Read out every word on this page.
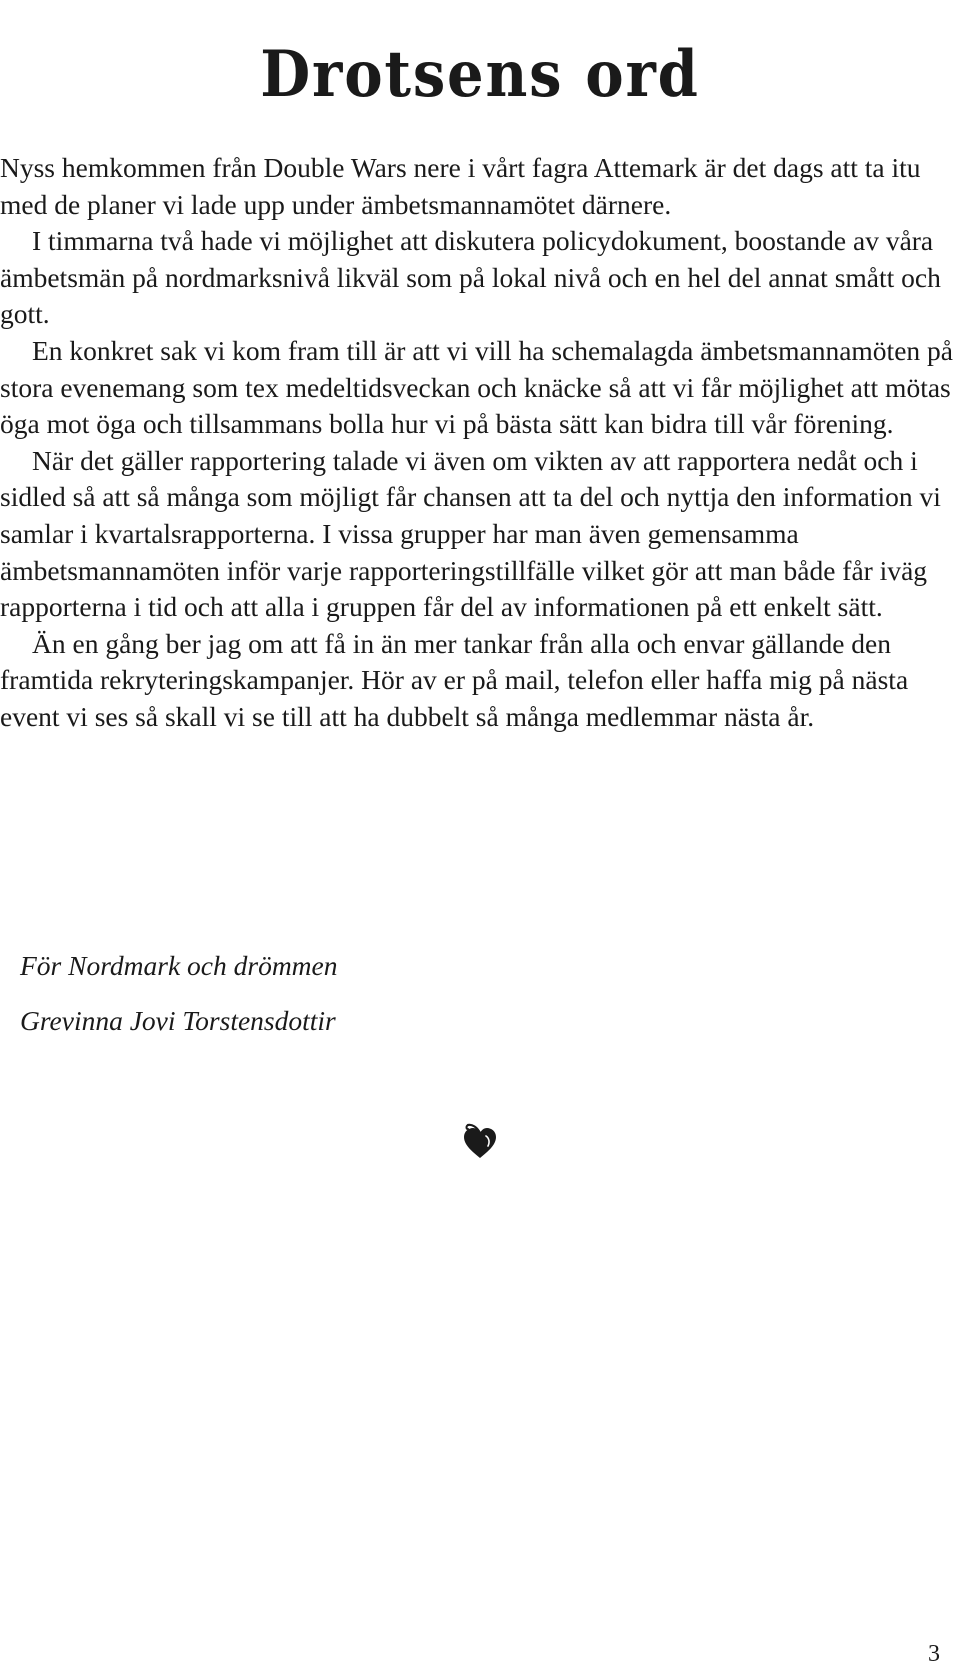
Drotsens ord

Nyss hemkommen från Double Wars nere i vårt fagra Attemark är det dags att ta itu med de planer vi lade upp under ämbetsmannamötet därnere.

I timmarna två hade vi möjlighet att diskutera policydokument, boostande av våra ämbetsmän på nordmarksnivå likväl som på lokal nivå och en hel del annat smått och gott.

En konkret sak vi kom fram till är att vi vill ha schemalagda ämbetsmannamöten på stora evenemang som tex medeltidsveckan och knäcke så att vi får möjlighet att mötas öga mot öga och tillsammans bolla hur vi på bästa sätt kan bidra till vår förening.

När det gäller rapportering talade vi även om vikten av att rapportera nedåt och i sidled så att så många som möjligt får chansen att ta del och nyttja den information vi samlar i kvartalsrapporterna. I vissa grupper har man även gemensamma ämbetsmannamöten inför varje rapporteringstillfälle vilket gör att man både får iväg rapporterna i tid och att alla i gruppen får del av informationen på ett enkelt sätt.

Än en gång ber jag om att få in än mer tankar från alla och envar gällande den framtida rekryteringskampanjer. Hör av er på mail, telefon eller haffa mig på nästa event vi ses så skall vi se till att ha dubbelt så många medlemmar nästa år.

För Nordmark och drömmen
Grevinna Jovi Torstensdottir
3
